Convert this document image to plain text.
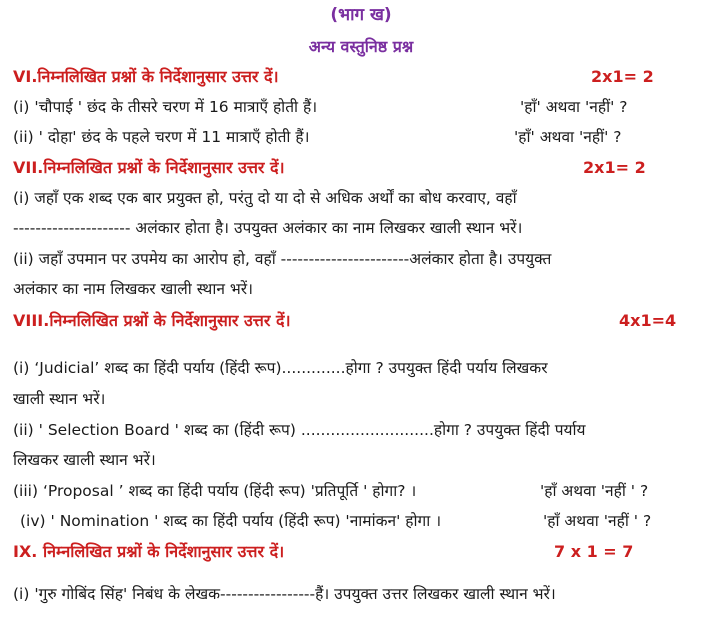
(भाग ख)
अन्य वस्तुनिष्ठ प्रश्न
VI.निम्नलिखित प्रश्नों के निर्देशानुसार उत्तर दें।	2x1= 2
(i) 'चौपाई ' छंद के तीसरे चरण में 16 मात्राएँ होती हैं।	'हाँ' अथवा 'नहीं' ?
(ii) ' दोहा' छंद के पहले चरण में 11 मात्राएँ होती हैं।	'हाँ' अथवा 'नहीं' ?
VII.निम्नलिखित प्रश्नों के निर्देशानुसार उत्तर दें।	2x1= 2
(i) जहाँ एक शब्द एक बार प्रयुक्त हो, परंतु दो या दो से अधिक अर्थों का बोध करवाए, वहाँ
--------------------- अलंकार होता है। उपयुक्त अलंकार का नाम लिखकर खाली स्थान भरें।
(ii) जहाँ उपमान पर उपमेय का आरोप हो, वहाँ -----------------------अलंकार होता है। उपयुक्त
अलंकार का नाम लिखकर खाली स्थान भरें।
VIII.निम्नलिखित प्रश्नों के निर्देशानुसार उत्तर दें।	4x1=4
(i) ‘Judicial’ शब्द का हिंदी पर्याय (हिंदी रूप).............होगा ? उपयुक्त हिंदी पर्याय लिखकर
खाली स्थान भरें।
(ii) ' Selection Board ' शब्द का (हिंदी रूप) ...........................होगा ? उपयुक्त हिंदी पर्याय
लिखकर खाली स्थान भरें।
(iii) ‘Proposal ’ शब्द का हिंदी पर्याय (हिंदी रूप) 'प्रतिपूर्ति ' होगा? ।	'हाँ अथवा 'नहीं ' ?
(iv) ' Nomination ' शब्द का हिंदी पर्याय (हिंदी रूप) 'नामांकन' होगा ।	'हाँ अथवा 'नहीं ' ?
IX. निम्नलिखित प्रश्नों के निर्देशानुसार उत्तर दें।	7 x 1 = 7
(i) 'गुरु गोबिंद सिंह' निबंध के लेखक-----------------हैं। उपयुक्त उत्तर लिखकर खाली स्थान भरें।
